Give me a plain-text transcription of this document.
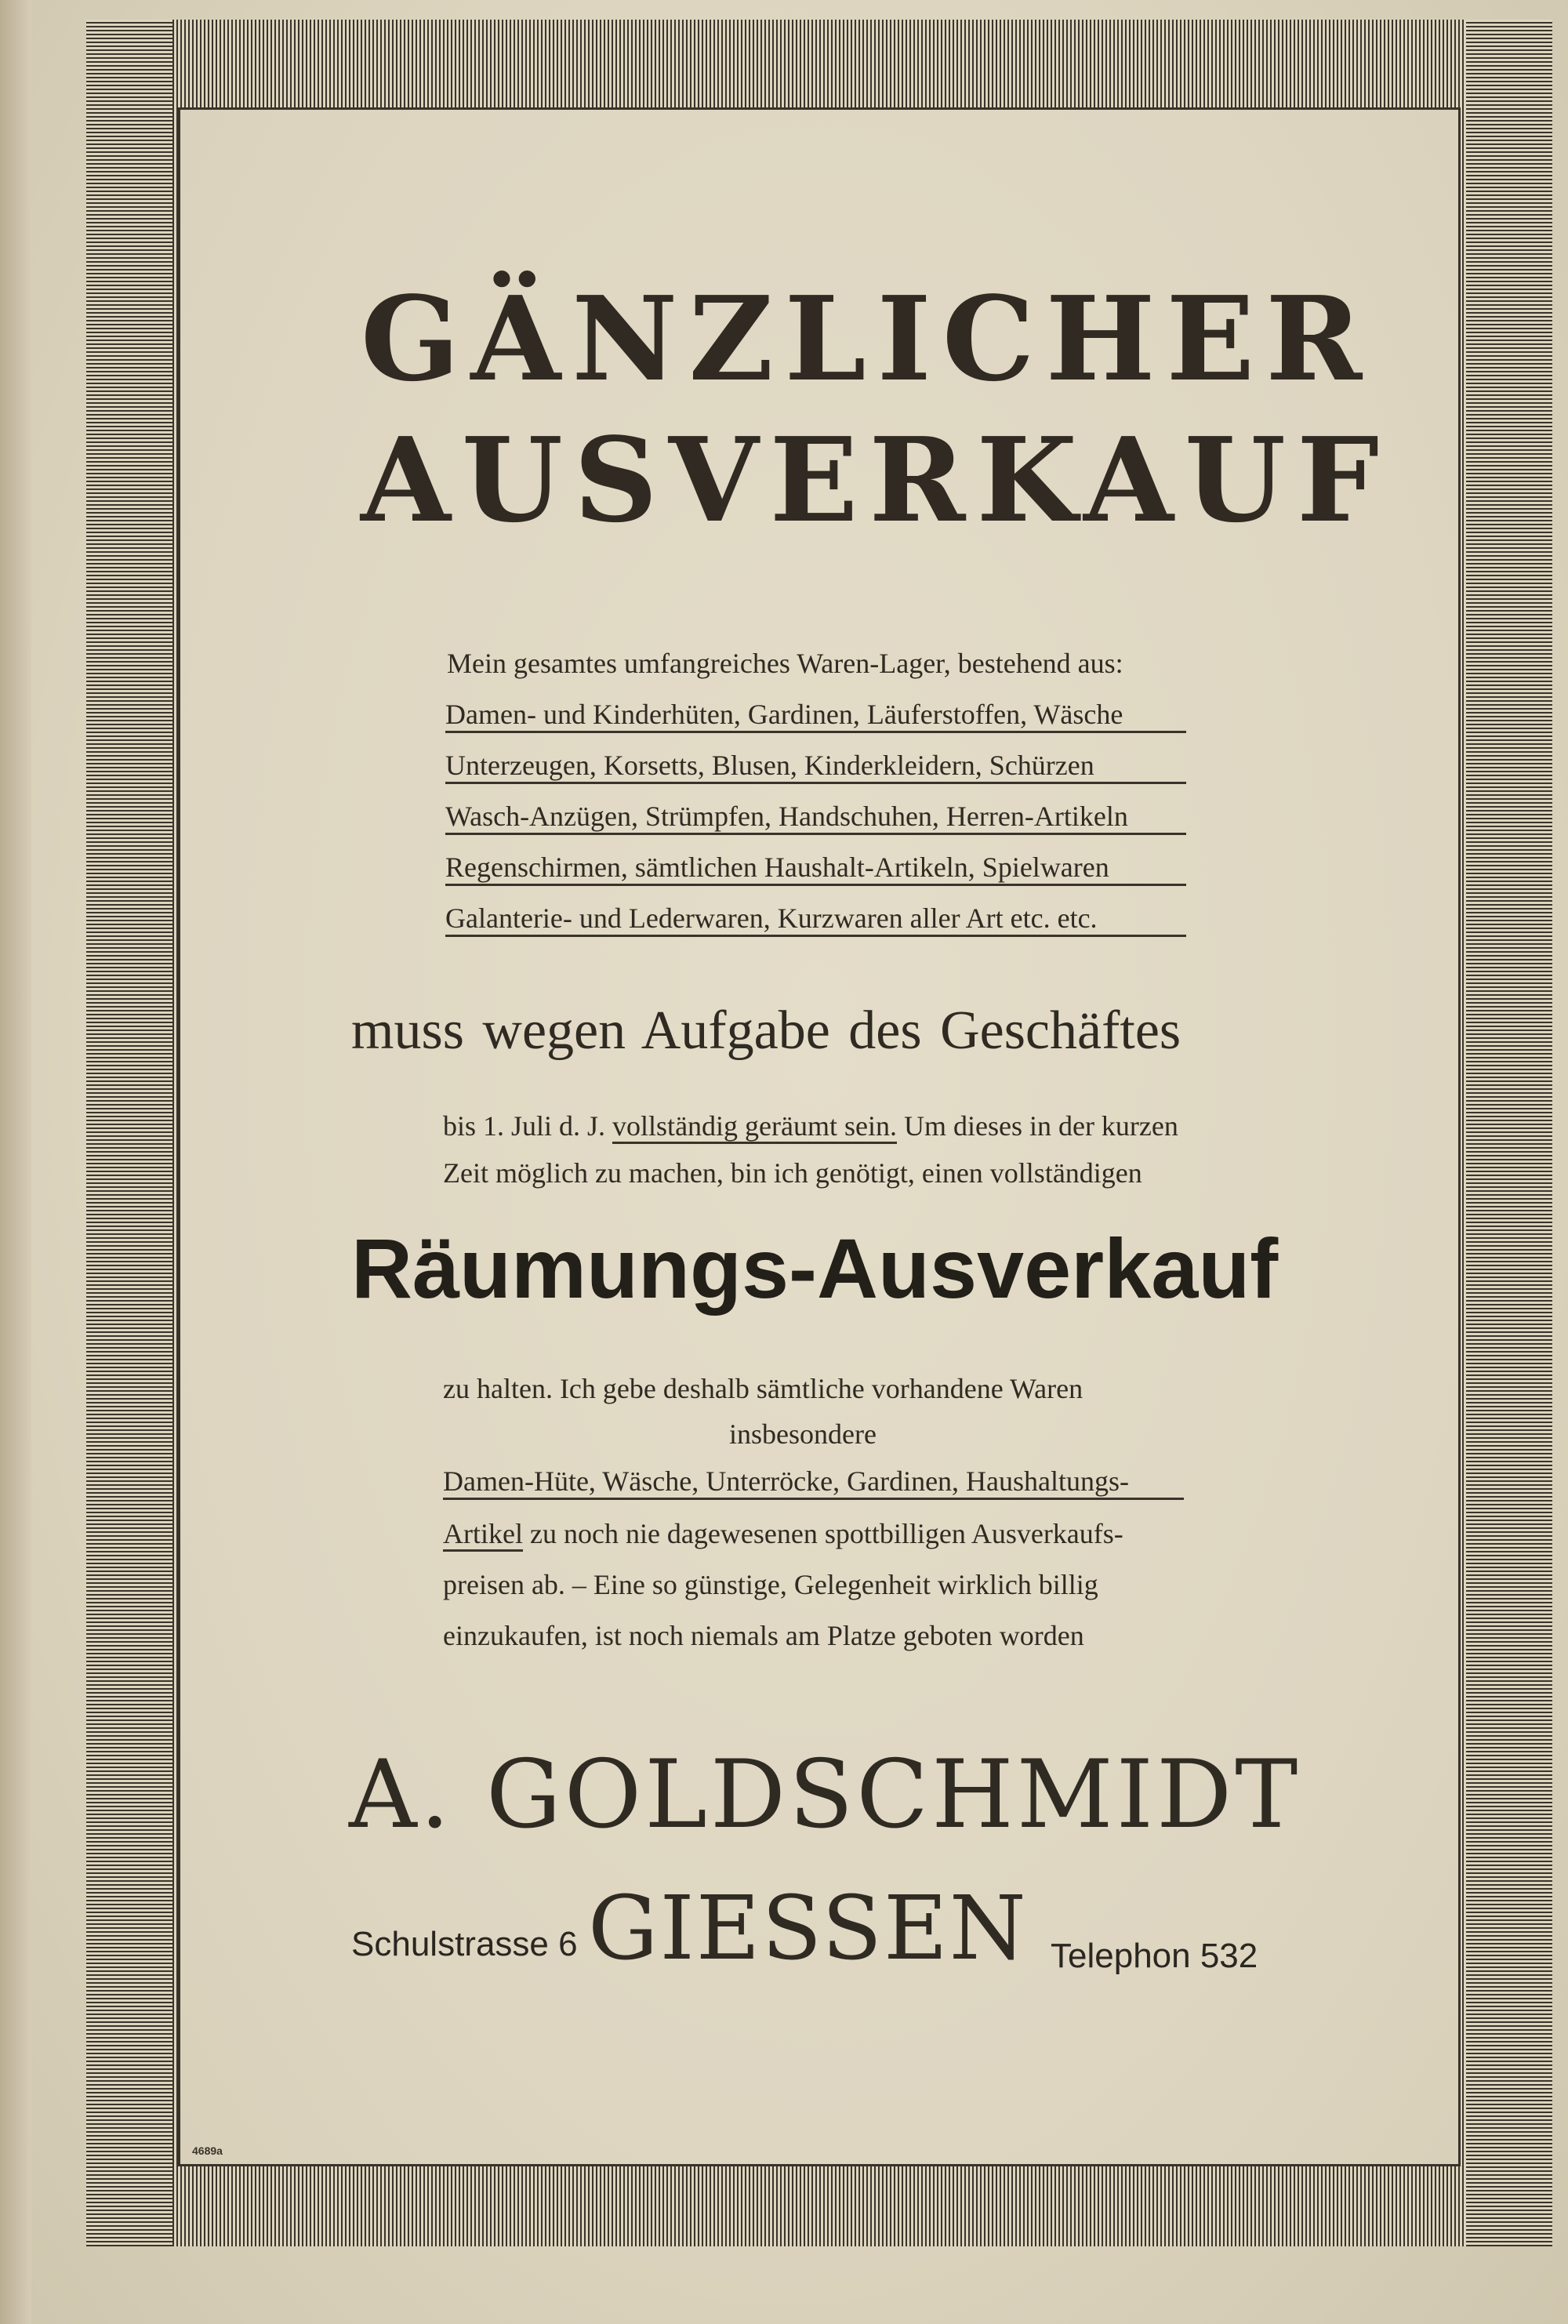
GÄNZLICHER

AUSVERKAUF

Mein gesamtes umfangreiches Waren-Lager, bestehend aus:

Damen- und Kinderhüten, Gardinen, Läuferstoffen, Wäsche

Unterzeugen, Korsetts, Blusen, Kinderkleidern, Schürzen

Wasch-Anzügen, Strümpfen, Handschuhen, Herren-Artikeln

Regenschirmen, sämtlichen Haushalt-Artikeln, Spielwaren

Galanterie- und Lederwaren, Kurzwaren aller Art etc. etc.

muss wegen Aufgabe des Geschäftes

bis 1. Juli d. J. vollständig geräumt sein. Um dieses in der kurzen

Zeit möglich zu machen, bin ich genötigt, einen vollständigen

Räumungs-Ausverkauf

zu halten. Ich gebe deshalb sämtliche vorhandene Waren

insbesondere

Damen-Hüte, Wäsche, Unterröcke, Gardinen, Haushaltungs-

Artikel zu noch nie dagewesenen spottbilligen Ausverkaufs-

preisen ab. – Eine so günstige, Gelegenheit wirklich billig

einzukaufen, ist noch niemals am Platze geboten worden

A. GOLDSCHMIDT

Schulstrasse 6 GIESSEN Telephon 532

4689a
